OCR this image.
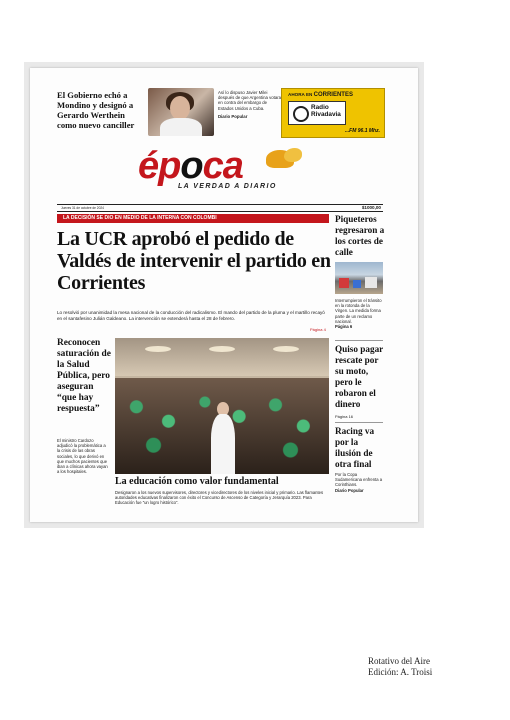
El Gobierno echó a Mondino y designó a Gerardo Werthein como nuevo canciller
Así lo dispuso Javier Milei después de que Argentina votara en contra del embargo de Estados Unidos a Cuba.
Diario Popular
AHORA EN CORRIENTES
Radio
Rivadavia
...FM 96.1 Mhz.
época
LA VERDAD A DIARIO
Jueves 31 de octubre de 2024	$1000,00
LA DECISIÓN SE DIO EN MEDIO DE LA INTERNA CON COLOMBI
La UCR aprobó el pedido de Valdés de intervenir el partido en Corrientes
Lo resolvió por unanimidad la mesa nacional de la conducción del radicalismo. El mando del partido de la pluma y el martillo recayó en el santafesino Julián Galdeano. La intervención se extenderá hasta el 28 de febrero.
Página 4
Reconocen saturación de la Salud Pública, pero aseguran “que hay respuesta”
El ministro Cardozo adjudicó la problemática a la crisis de las obras sociales, lo que derivó en que muchos pacientes que iban a clínicas ahora vayan a los hospitales.
La educación como valor fundamental
Designaron a los nuevos supervisores, directores y vicedirectores de los niveles inicial y primario. Las flamantes autoridades educativas finalizaron con éxito el Concurso de Ascenso de Categoría y Jerarquía 2023. Para Educación fue “un logro histórico”.
Piqueteros regresaron a los cortes de calle
Interrumpieron el tránsito en la rotonda de la Virgen. La medida forma parte de un reclamo nacional.
Página 6
Quiso pagar rescate por su moto, pero le robaron el dinero
Página 16
Racing va por la ilusión de otra final
Por la Copa Sudamericana enfrenta a Corinthians.
Diario Popular
Rotativo del Aire
Edición: A. Troisi
